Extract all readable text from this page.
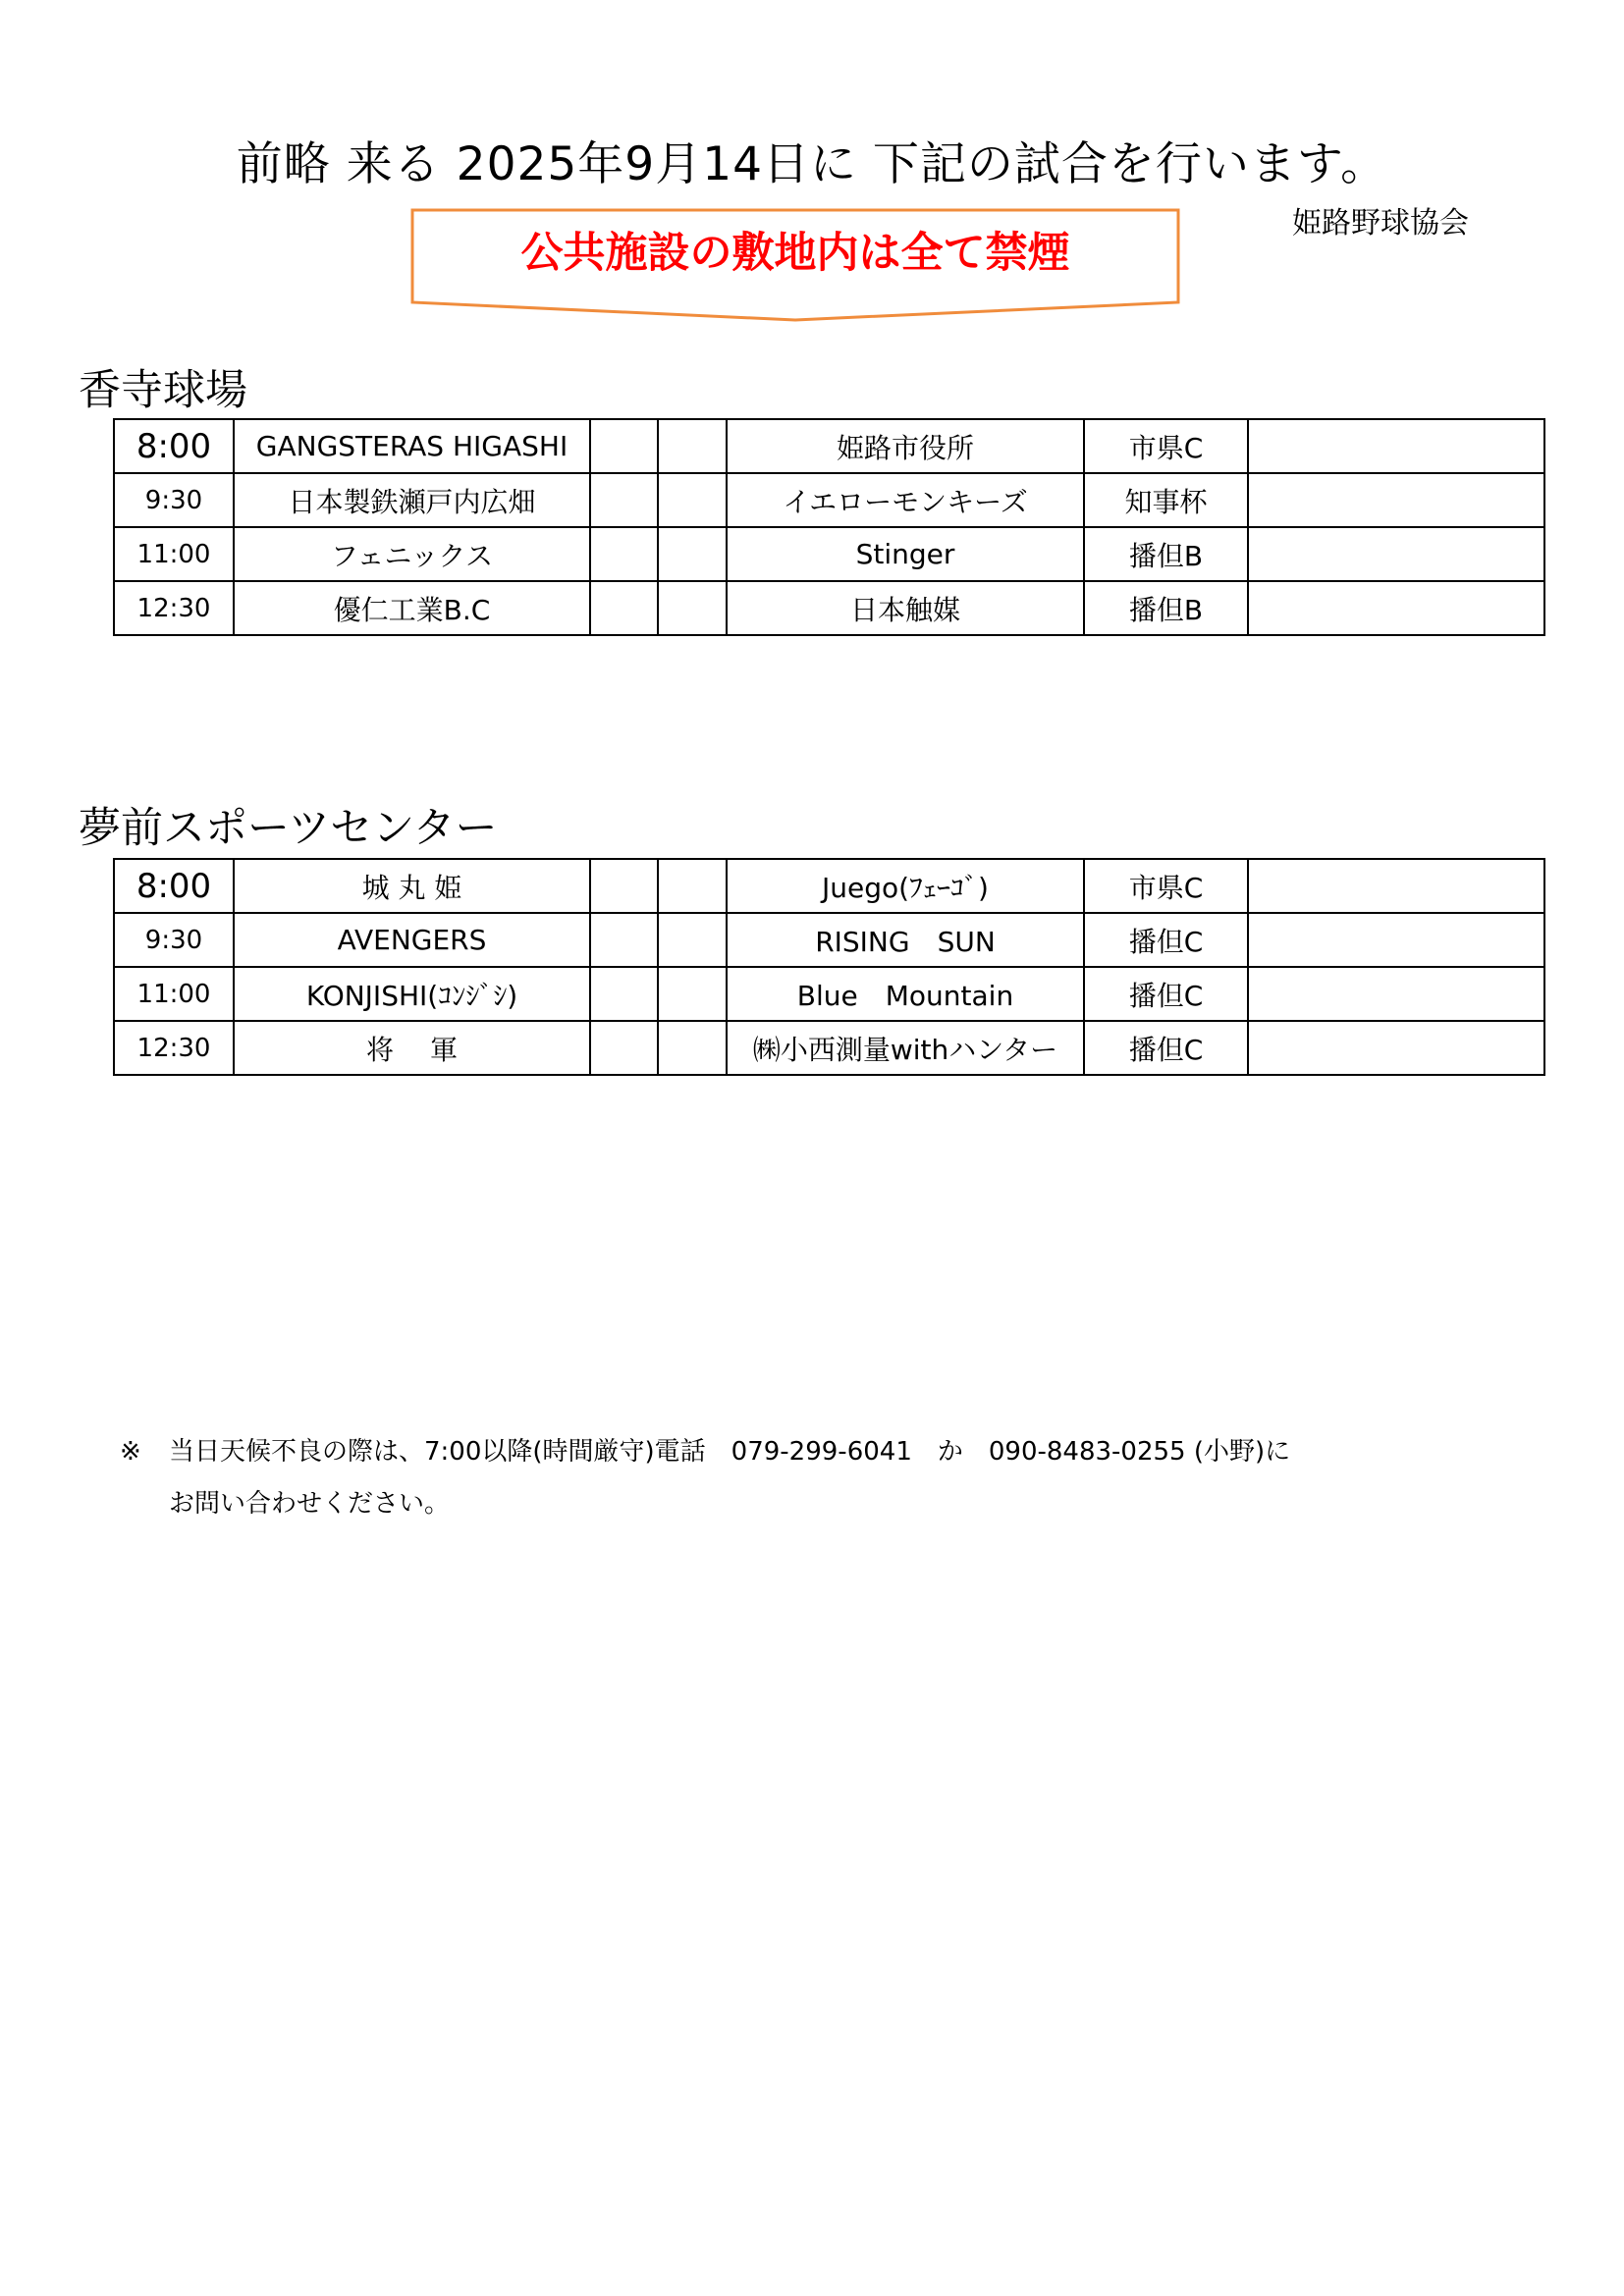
前略 来る 2025年9月14日に 下記の試合を行います。
姫路野球協会
公共施設の敷地内は全て禁煙
香寺球場
8:00	GANGSTERAS HIGASHI			姫路市役所	市県C	
9:30	日本製鉄瀬戸内広畑			イエローモンキーズ	知事杯	
11:00	フェニックス			Stinger	播但B	
12:30	優仁工業B.C			日本触媒	播但B	
夢前スポーツセンター
8:00	城 丸 姫			Juego(ﾌｪｰｺﾞ)	市県C	
9:30	AVENGERS			RISING　SUN	播但C	
11:00	KONJISHI(ｺﾝｼﾞｼ)			Blue　Mountain	播但C	
12:30	将　 軍			㈱小西測量withハンター	播但C	
※ 当日天候不良の際は、7:00以降(時間厳守)電話　079-299-6041　か　090-8483-0255 (小野)に
お問い合わせください。
